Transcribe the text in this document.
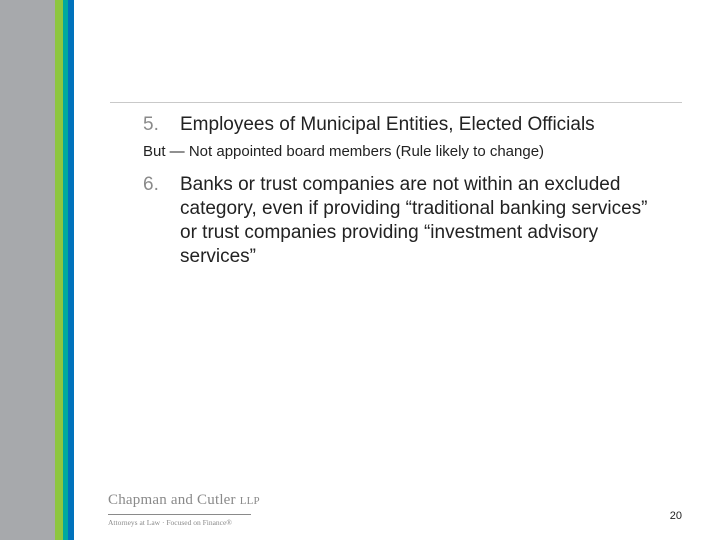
5. Employees of Municipal Entities, Elected Officials
But — Not appointed board members (Rule likely to change)
6. Banks or trust companies are not within an excluded category, even if providing “traditional banking services” or trust companies providing “investment advisory services”
Chapman and Cutler LLP
Attorneys at Law · Focused on Finance®
20
